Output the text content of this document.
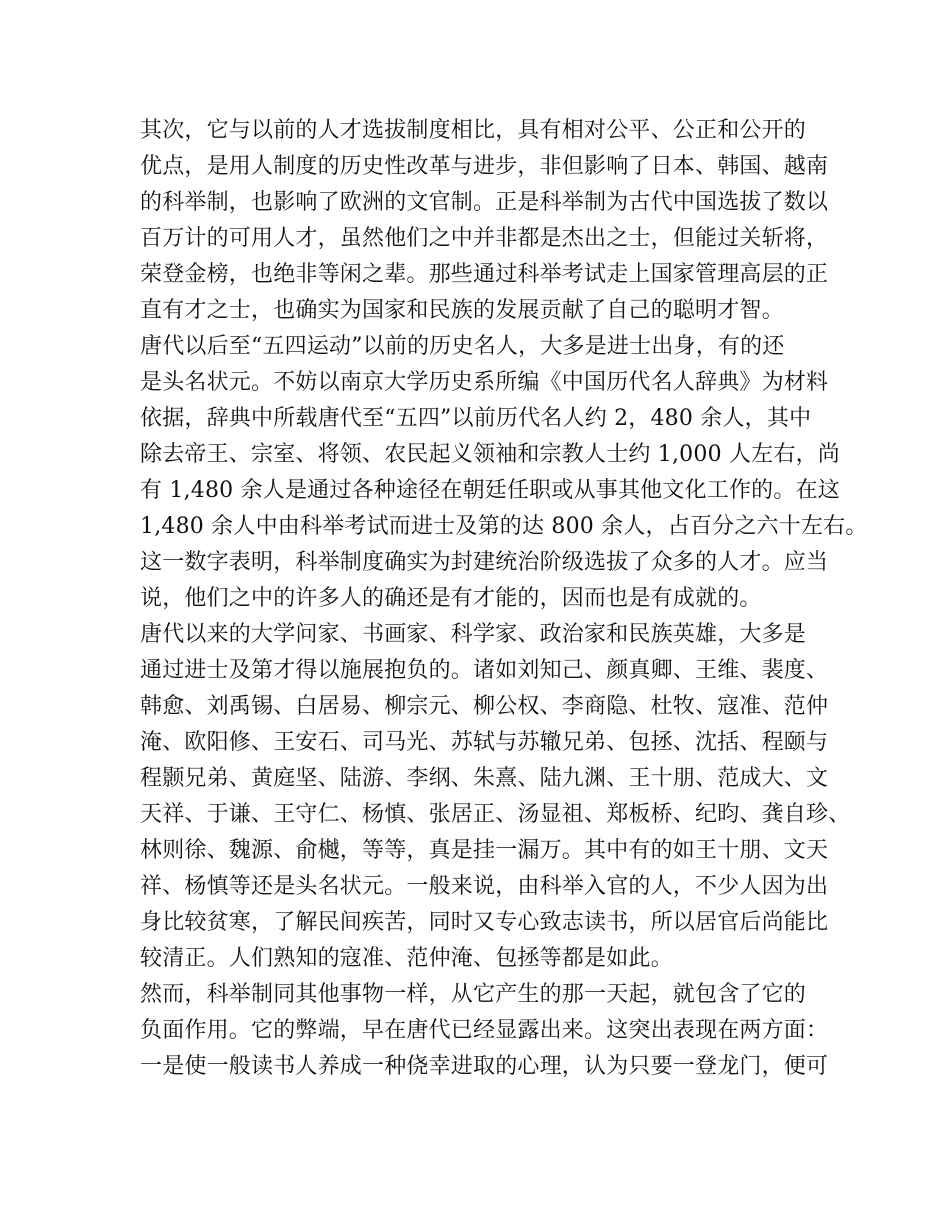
其次，它与以前的人才选拔制度相比，具有相对公平、公正和公开的
优点，是用人制度的历史性改革与进步，非但影响了日本、韩国、越南
的科举制，也影响了欧洲的文官制。正是科举制为古代中国选拔了数以
百万计的可用人才，虽然他们之中并非都是杰出之士，但能过关斩将，
荣登金榜，也绝非等闲之辈。那些通过科举考试走上国家管理高层的正
直有才之士，也确实为国家和民族的发展贡献了自己的聪明才智。
唐代以后至“五四运动”以前的历史名人，大多是进士出身，有的还
是头名状元。不妨以南京大学历史系所编《中国历代名人辞典》为材料
依据，辞典中所载唐代至“五四”以前历代名人约 2，480 余人，其中
除去帝王、宗室、将领、农民起义领袖和宗教人士约 1,000 人左右，尚
有 1,480 余人是通过各种途径在朝廷任职或从事其他文化工作的。在这
1,480 余人中由科举考试而进士及第的达 800 余人，占百分之六十左右。
这一数字表明，科举制度确实为封建统治阶级选拔了众多的人才。应当
说，他们之中的许多人的确还是有才能的，因而也是有成就的。
唐代以来的大学问家、书画家、科学家、政治家和民族英雄，大多是
通过进士及第才得以施展抱负的。诸如刘知己、颜真卿、王维、裴度、
韩愈、刘禹锡、白居易、柳宗元、柳公权、李商隐、杜牧、寇准、范仲
淹、欧阳修、王安石、司马光、苏轼与苏辙兄弟、包拯、沈括、程颐与
程颢兄弟、黄庭坚、陆游、李纲、朱熹、陆九渊、王十朋、范成大、文
天祥、于谦、王守仁、杨慎、张居正、汤显祖、郑板桥、纪昀、龚自珍、
林则徐、魏源、俞樾，等等，真是挂一漏万。其中有的如王十朋、文天
祥、杨慎等还是头名状元。一般来说，由科举入官的人，不少人因为出
身比较贫寒，了解民间疾苦，同时又专心致志读书，所以居官后尚能比
较清正。人们熟知的寇准、范仲淹、包拯等都是如此。
然而，科举制同其他事物一样，从它产生的那一天起，就包含了它的
负面作用。它的弊端，早在唐代已经显露出来。这突出表现在两方面：
一是使一般读书人养成一种侥幸进取的心理，认为只要一登龙门，便可
